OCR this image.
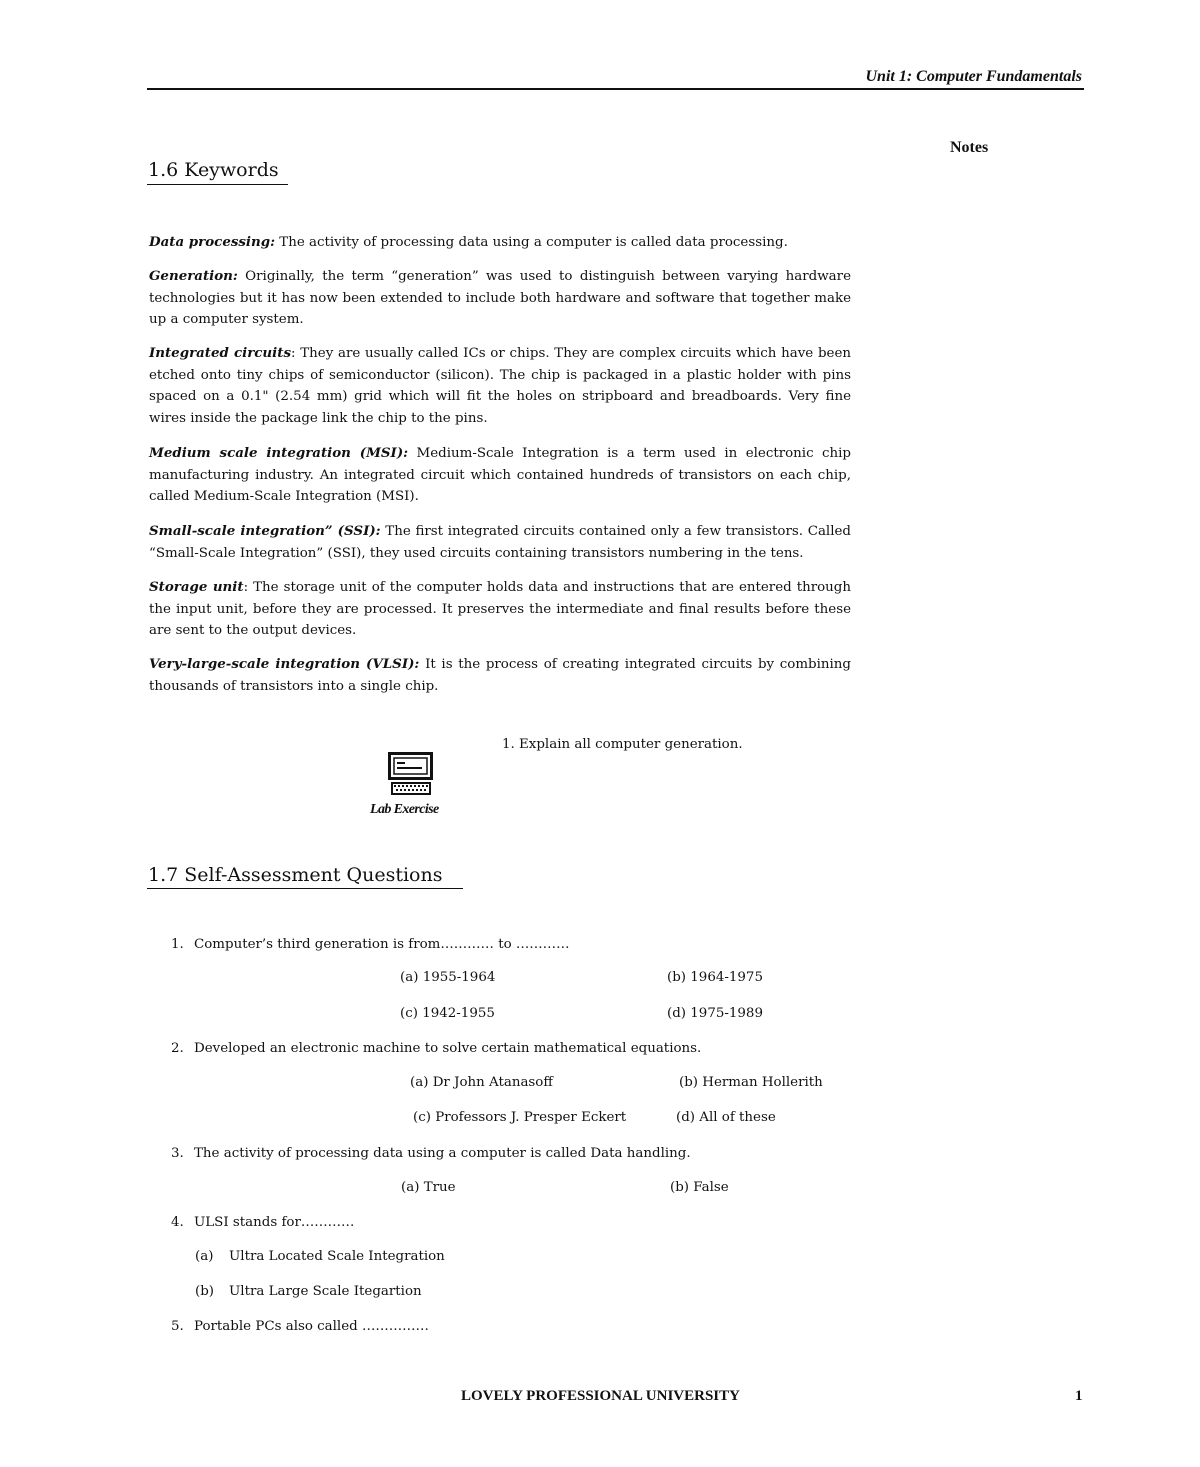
Unit 1: Computer Fundamentals
Notes
1.6 Keywords

Data processing: The activity of processing data using a computer is called data processing.

Generation: Originally, the term “generation” was used to distinguish between varying hardware technologies but it has now been extended to include both hardware and software that together make up a computer system.

Integrated circuits: They are usually called ICs or chips. They are complex circuits which have been etched onto tiny chips of semiconductor (silicon). The chip is packaged in a plastic holder with pins spaced on a 0.1" (2.54 mm) grid which will fit the holes on stripboard and breadboards. Very fine wires inside the package link the chip to the pins.

Medium scale integration (MSI): Medium-Scale Integration is a term used in electronic chip manufacturing industry. An integrated circuit which contained hundreds of transistors on each chip, called Medium-Scale Integration (MSI).

Small-scale integration” (SSI): The first integrated circuits contained only a few transistors. Called “Small-Scale Integration” (SSI), they used circuits containing transistors numbering in the tens.

Storage unit: The storage unit of the computer holds data and instructions that are entered through the input unit, before they are processed. It preserves the intermediate and final results before these are sent to the output devices.

Very-large-scale integration (VLSI): It is the process of creating integrated circuits by combining thousands of transistors into a single chip.

Lab Exercise
1. Explain all computer generation.
1.7 Self-Assessment Questions
1. Computer’s third generation is from………… to …………
(a) 1955-1964	(b) 1964-1975
(c) 1942-1955	(d) 1975-1989
2. Developed an electronic machine to solve certain mathematical equations.
(a) Dr John Atanasoff	(b) Herman Hollerith
(c) Professors J. Presper Eckert	(d) All of these
3. The activity of processing data using a computer is called Data handling.
(a) True	(b) False
4. ULSI stands for…………
(a) Ultra Located Scale Integration
(b) Ultra Large Scale Itegartion
5. Portable PCs also called ……………
LOVELY PROFESSIONAL UNIVERSITY	1
